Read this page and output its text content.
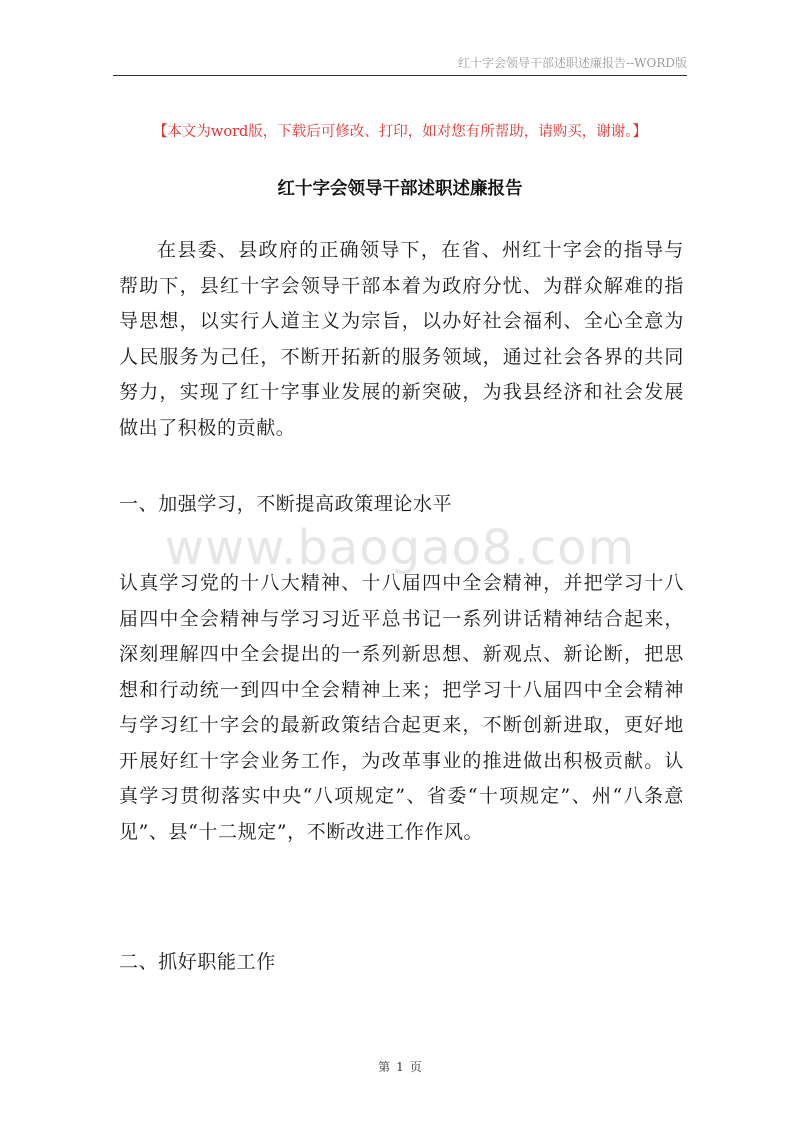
红十字会领导干部述职述廉报告--WORD版
【本文为word版，下载后可修改、打印，如对您有所帮助，请购买，谢谢。】
红十字会领导干部述职述廉报告
在县委、县政府的正确领导下，在省、州红十字会的指导与帮助下，县红十字会领导干部本着为政府分忧、为群众解难的指导思想，以实行人道主义为宗旨，以办好社会福利、全心全意为人民服务为己任，不断开拓新的服务领域，通过社会各界的共同努力，实现了红十字事业发展的新突破，为我县经济和社会发展做出了积极的贡献。
一、加强学习，不断提高政策理论水平
www.baogao8.com
认真学习党的十八大精神、十八届四中全会精神，并把学习十八届四中全会精神与学习习近平总书记一系列讲话精神结合起来，深刻理解四中全会提出的一系列新思想、新观点、新论断，把思想和行动统一到四中全会精神上来；把学习十八届四中全会精神与学习红十字会的最新政策结合起更来，不断创新进取，更好地开展好红十字会业务工作，为改革事业的推进做出积极贡献。认真学习贯彻落实中央“八项规定”、省委“十项规定”、州“八条意见”、县“十二规定”，不断改进工作作风。
二、抓好职能工作
第 1 页
